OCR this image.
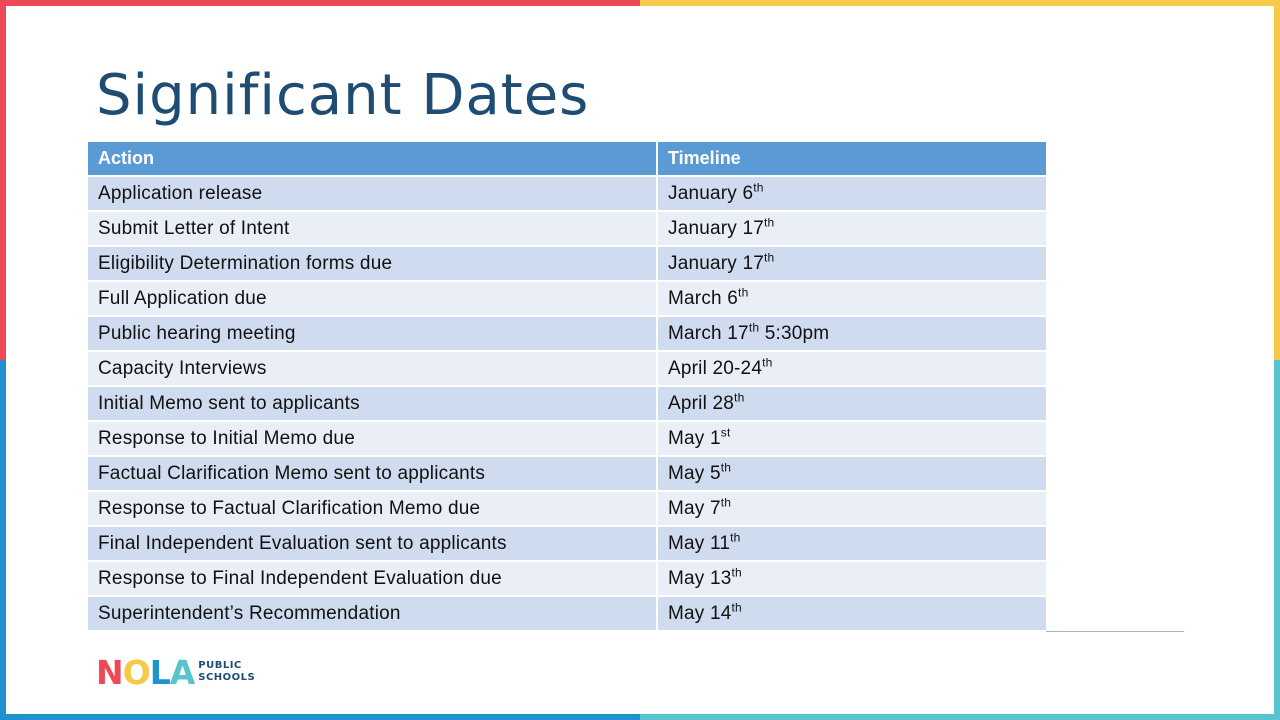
Significant Dates
Action	Timeline
Application release	January 6th
Submit Letter of Intent	January 17th
Eligibility Determination forms due	January 17th
Full Application due	March 6th
Public hearing meeting	March 17th 5:30pm
Capacity Interviews	April 20-24th
Initial Memo sent to applicants	April 28th
Response to Initial Memo due	May 1st
Factual Clarification Memo sent to applicants	May 5th
Response to Factual Clarification Memo due	May 7th
Final Independent Evaluation sent to applicants	May 11th
Response to Final Independent Evaluation due	May 13th
Superintendent’s Recommendation	May 14th
N O L A PUBLIC
SCHOOLS
